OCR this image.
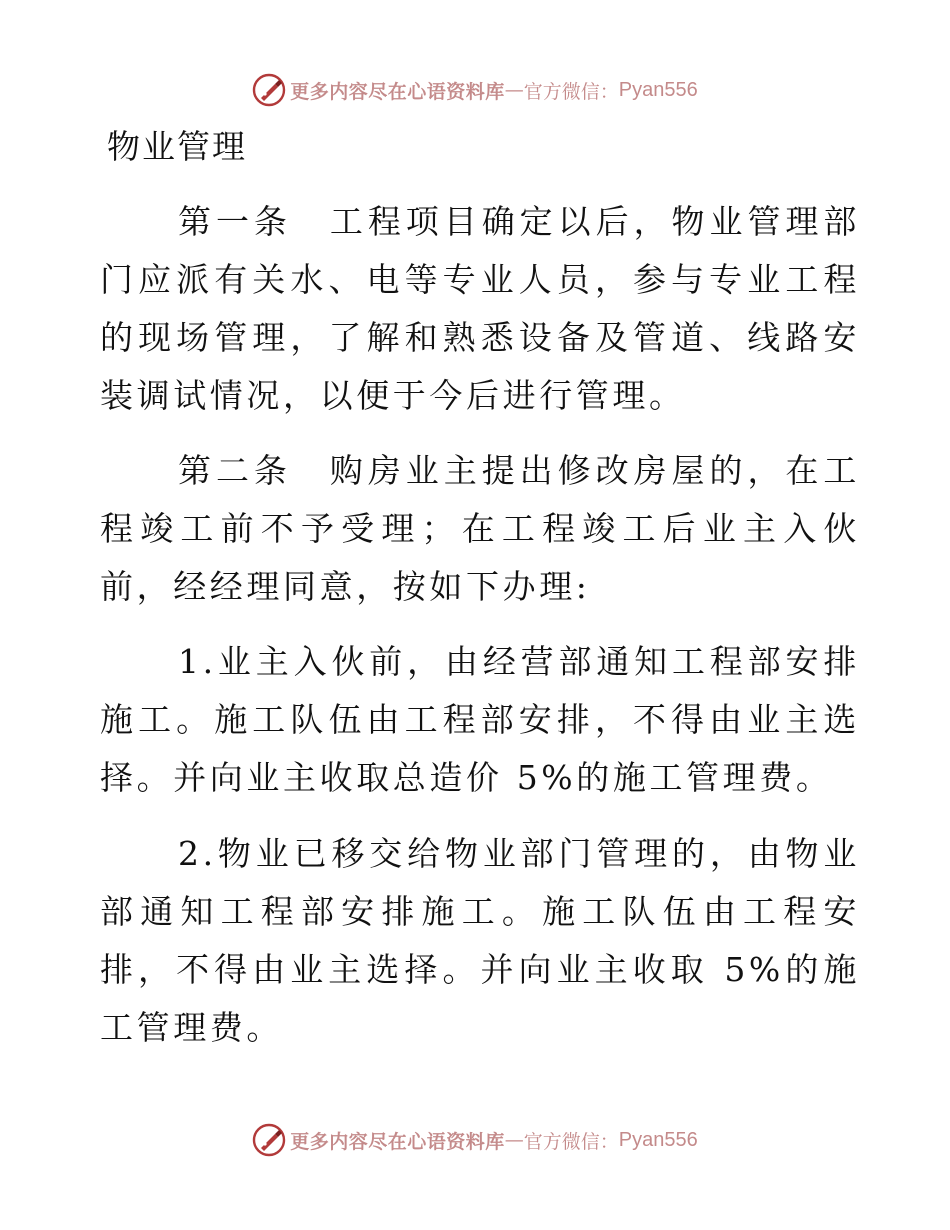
更多内容尽在心语资料库 — 官方微信： Pyan556
物业管理

第一条　工程项目确定以后，物业管理部门应派有关水、电等专业人员，参与专业工程的现场管理，了解和熟悉设备及管道、线路安装调试情况，以便于今后进行管理。

第二条　购房业主提出修改房屋的，在工程竣工前不予受理；在工程竣工后业主入伙前，经经理同意，按如下办理:

1.业主入伙前，由经营部通知工程部安排施工。施工队伍由工程部安排，不得由业主选择。并向业主收取总造价 5%的施工管理费。

2.物业已移交给物业部门管理的，由物业部通知工程部安排施工。施工队伍由工程安排，不得由业主选择。并向业主收取 5%的施工管理费。

更多内容尽在心语资料库 — 官方微信： Pyan556
